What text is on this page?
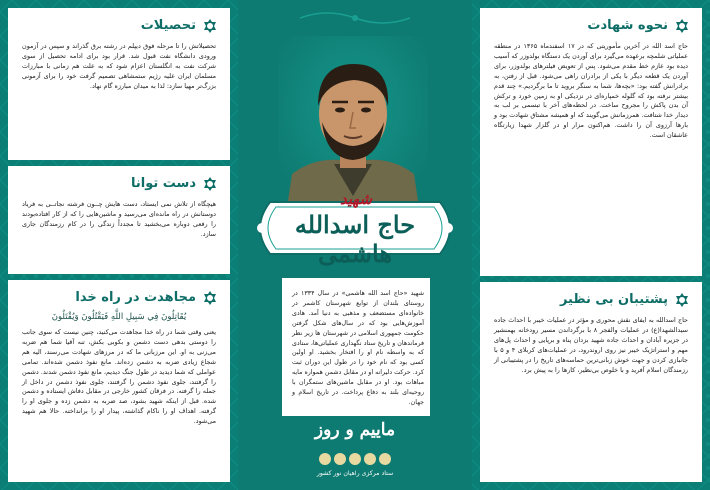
تحصیلات
تحصیلاتش را تا مرحله فوق دیپلم در رشته برق گذراند و سپس در آزمون ورودی دانشگاه نفت قبول شد. قرار بود برای ادامه تحصیل از سوی شرکت نفت به انگلستان اعزام شود که به علت هم زمانی با مبارزات مسلمان ایران علیه رژیم ستمشاهی تصمیم گرفت خود را برای آزمونی بزرگ‌تر مهیا سازد: لذا به میدان مبارزه گام نهاد.
دست توانا
هیچگاه از تلاش نمی ایستاد، دست هایش چــون فرشته نجاتــی به فریاد دوستانش در راه مانده‌ای می‌رسید و ماشین‌هایی را که از کار افتاده‌بودند را رفعی دوباره می‌بخشید تا مجدداً زندگی را در کام رزمندگان جاری سازد.
مجاهدت در راه خدا
يُقَاتِلُونَ فِي سَبِيلِ اللَّهِ فَيَقْتُلُونَ وَيُقْتَلُونَ
یعنی وقتی شما در راه خدا مجاهدت می‌کنید، چنین نیست که سوی جانب را دوستی بدهی دست دشمن و بکوبی بکش، تنه آقیا شما هم ضربه می‌زنی به او. این مرزبانی ما که در مرزهای شهادت می‌رسند، الیه هم شجاع زیادی ضربه به دشمن زده‌اند. مانع نفوذ دشمن شده‌اند. تمامی عواملی که شما دیدید در طول جنگ دیدیم، مانع نفوذ دشمن شدند. دشمن را گرفتند، جلوی نفوذ دشمن را گرفتند، جلوی نفوذ دشمن در داخل از جمله را گرفته. در فرقان کشور خارجی در مقابل دفاش ایستاده و دشمن شده. قبل از اینکه شهید بشود، صد ضربه به دشمن زده و جلوی او را گرفته. اهداف او را ناکام گذاشته، پیدار او را برانداخته. حالا هم شهید می‌شود.
شهید
حاج اسدالله هاشمی
شهید «حاج اسد الله هاشمی» در سال ۱۳۳۴ در روستای بلندان از توابع شهرستان کاشمر در خانواده‌ای مستضعف و مذهبی به دنیا آمد. هادی آموزش‌هایی بود که در سال‌های شکل گرفتن حکومت جمهوری اسلامی در شهرستان ها زیر نظر فرماندهان و تاریخ ستاد نگهداری عملیاتی‌ها، ستادی که به واسطه نام او را افتخار بخشید. او اولین کسی بود که نام خود را در طول این دوران ثبت کرد. حرکت دلیرانه او در مقابل دشمن همواره مایه مباهات بود. او در مقابل ماشین‌های ستمگران با روحیه‌ای بلند به دفاع پرداخت. در تاریخ اسلام و جهان.
ماییم و روز
ستاد مرکزی راهیان نور کشور
نحوه شهادت
حاج اسد الله در آخرین مأموریتی که در ۱۷ اسفندماه ۱۳۶۵ در منطقه عملیاتی شلمچه برعهده می‌گیرد برای آوردن یک دستگاه بولدوزر که آسیب دیده بود عازم خط مقدم می‌شود. پس از تعویض فیلترهای بولدوزر، برای آوردن یک قطعه دیگر با یکی از برادران راهی می‌شود. قبل از رفتن، به برادرانش گفته بود: «بچه‌ها، شما به سنگر بروید تا ما برگردیم.» چند قدم بیشتر نرفته بود که گلوله خمپاره‌ای در نزدیکی او به زمین خورد و ترکش آن بدن پاکش را مجروح ساخت. در لحظه‌های آخر با تبسمی بر لب به دیدار خدا شتافت. همرزمانش می‌گویند که او همیشه مشتاق شهادت بود و بارها آرزوی آن را داشت. هم‌اکنون مزار او در گلزار شهدا زیارتگاه عاشقان است.
پشتیبان بی نظیر
حاج اسدالله به ایفای نقش محوری و مؤثر در عملیات خیبر با احداث جاده سیدالشهدا(ع) در عملیات والفجر ۸ با برگرداندن مسیر رودخانه بهمنشیر در جزیره آبادان و احداث جاده شهید بزدان پناه و برپایی و احداث پل‌های مهم و استراتژیک خیبر نیز روی اروندرود، در عملیات‌های کربلای ۴ و ۵ با جانبازی کردن و جهت خوش زبانی‌ترین حماسه‌های تاریخ را در پشتیبانی از رزمندگان اسلام آفرید و با خلوص بی‌نظیر، کارها را به پیش برد.
